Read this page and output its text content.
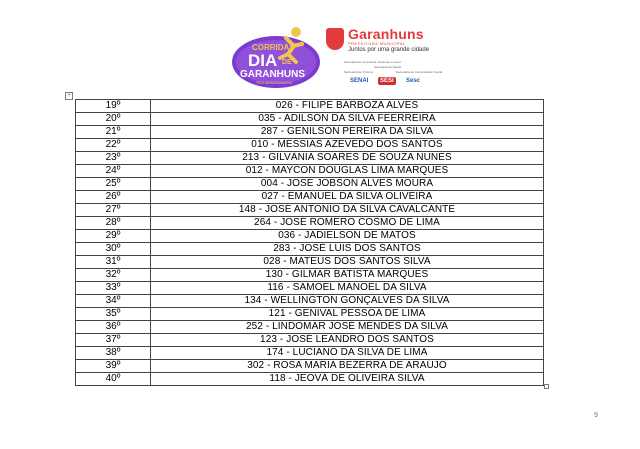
CORRIDA
DIA DE
GARANHUNS
TRIO MEDATAYAGEM
Garanhuns
PREFEITURA MUNICIPAL
Juntos por uma grande cidade
Secretaria de Juventude, Esportes e Lazer
Secretaria de Saúde
Secretaria de Turismo	Secretaria de Comunicação Social
SENAI	SESI	Sesc
+
19º	026 - FILIPE BARBOZA ALVES
20º	035 - ADILSON DA SILVA FEERREIRA
21º	287 - GENILSON PEREIRA DA SILVA
22º	010 - MESSIAS AZEVEDO DOS SANTOS
23º	213 - GILVÂNIA SOARES DE SOUZA NUNES
24º	012 - MAYCON DOUGLAS LIMA MARQUES
25º	004 - JOSÉ JOBSON ALVES MOURA
26º	027 - EMANUEL DA SILVA OLIVEIRA
27º	148 - JOSÉ ANTONIO DA SILVA CAVALCANTE
28º	264 - JOSÉ ROMERO COSMO DE LIMA
29º	036 - JADIELSON DE MATOS
30º	283 - JOSÉ LUIS DOS SANTOS
31º	028 - MATEUS DOS SANTOS SILVA
32º	130 - GILMAR BATISTA MARQUES
33º	116 - SAMOEL MANOEL DA SILVA
34º	134 - WELLINGTON GONÇALVES DA SILVA
35º	121 - GENIVAL PESSOA DE LIMA
36º	252 - LINDOMAR JOSÉ MENDES DA SILVA
37º	123 - JOSÉ LEANDRO DOS SANTOS
38º	174 - LUCIANO DA SILVA DE LIMA
39º	302 - ROSA MARIA BEZERRA DE ARAÚJO
40º	118 - JEOVÁ DE OLIVEIRA SILVA
9
